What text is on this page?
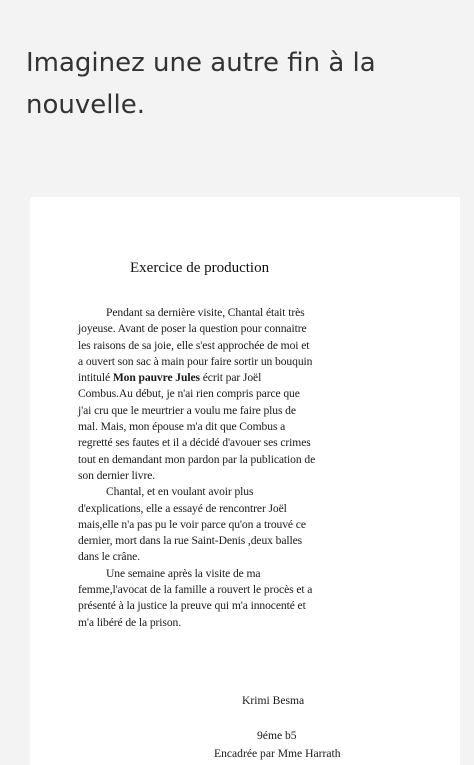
Imaginez une autre fin à la
nouvelle.
Exercice de production
Pendant sa dernière visite, Chantal était très
joyeuse. Avant de poser la question pour connaitre
les raisons de sa joie, elle s'est approchée de moi et
a ouvert son sac à main pour faire sortir un bouquin
intitulé Mon pauvre Jules écrit par Joël
Combus.Au début, je n'ai rien compris parce que
j'ai cru que le meurtrier a voulu me faire plus de
mal. Mais, mon épouse m'a dit que Combus a
regretté ses fautes et il a décidé d'avouer ses crimes
tout en demandant mon pardon par la publication de
son dernier livre.
Chantal, et en voulant avoir plus
d'explications, elle a essayé de rencontrer Joël
mais,elle n'a pas pu le voir parce qu'on a trouvé ce
dernier, mort dans la rue Saint-Denis ,deux balles
dans le crâne.
Une semaine après la visite de ma
femme,l'avocat de la famille a rouvert le procès et a
présenté à la justice la preuve qui m'a innocenté et
m'a libéré de la prison.
Krimi Besma
9éme b5
Encadrée par Mme Harrath
